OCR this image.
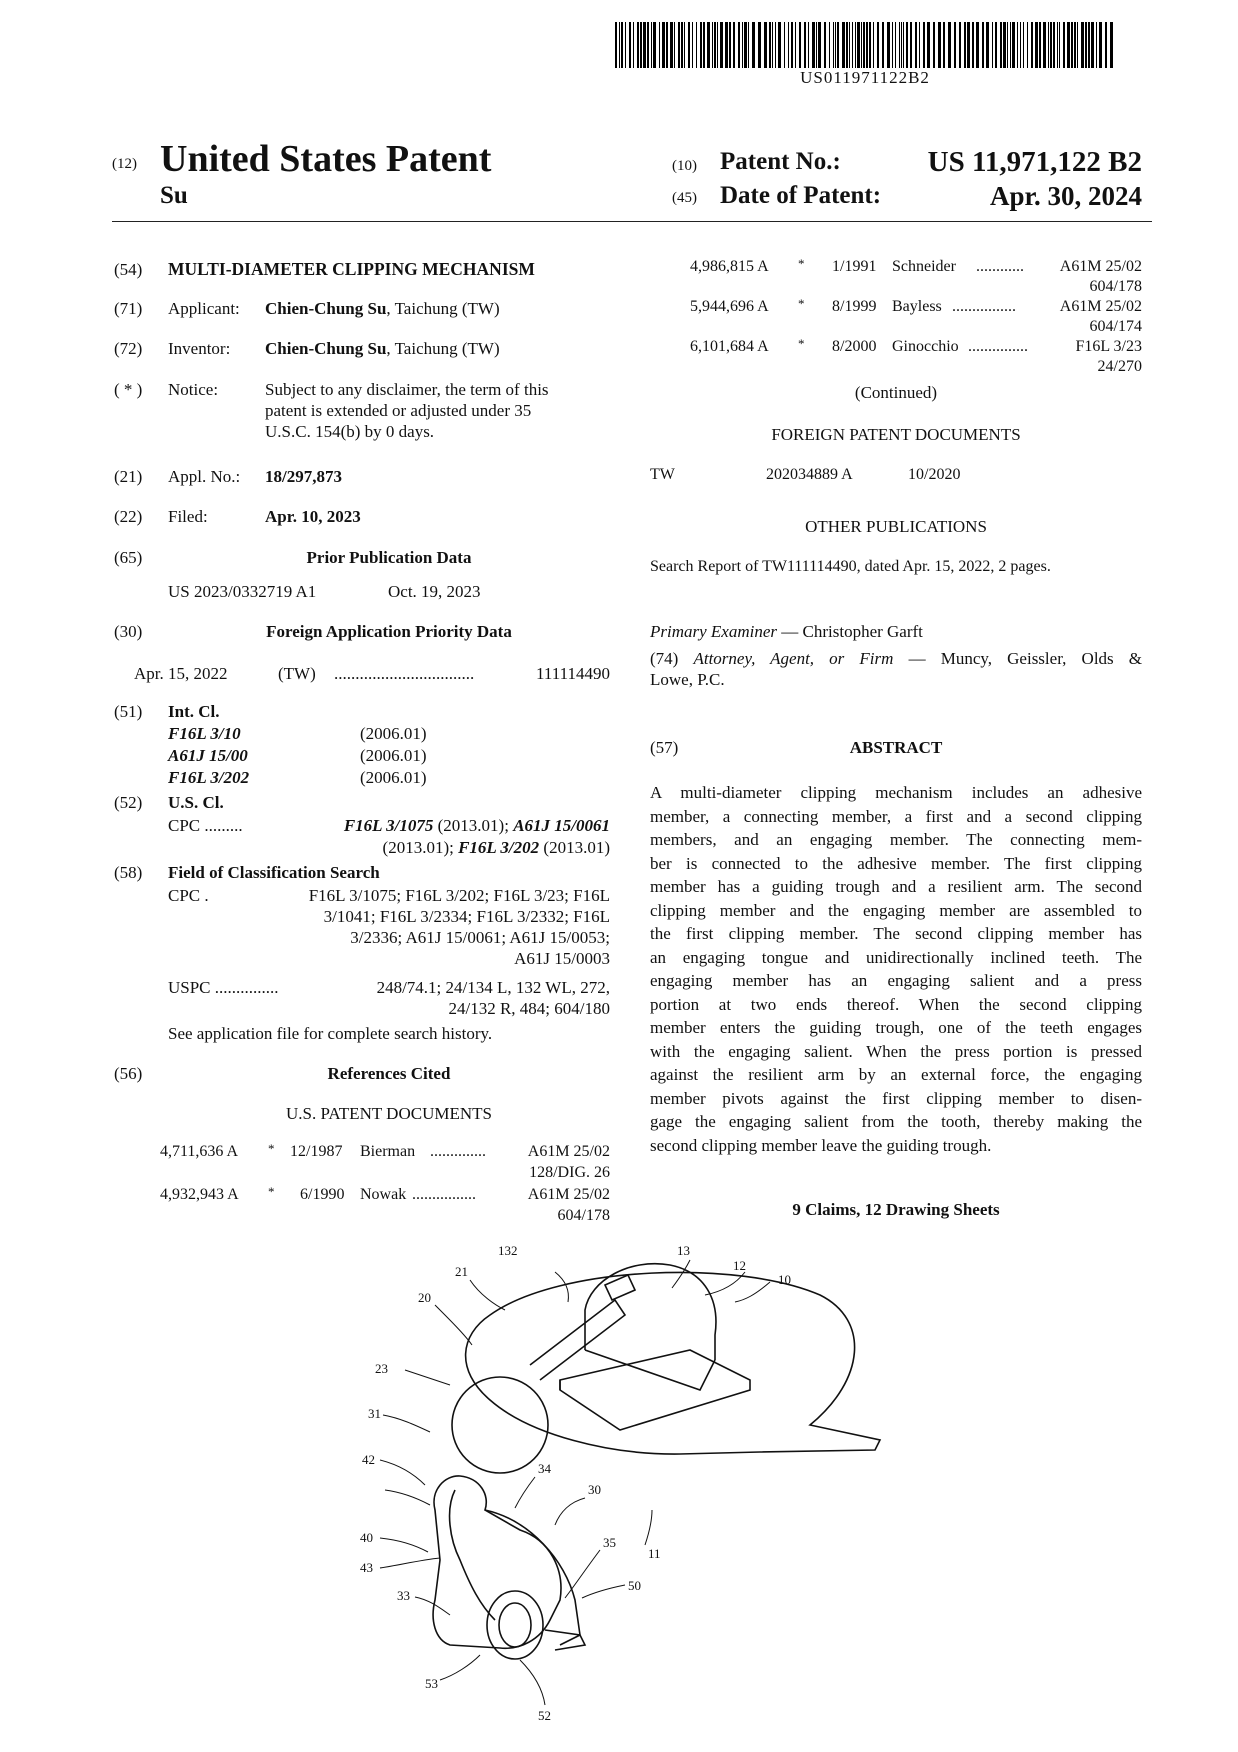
US011971122B2
(12) United States Patent
Su
(10) Patent No.:	US 11,971,122 B2
(45) Date of Patent:	Apr. 30, 2024
(54) MULTI-DIAMETER CLIPPING MECHANISM
(71) Applicant: Chien-Chung Su, Taichung (TW)
(72) Inventor: Chien-Chung Su, Taichung (TW)
( * ) Notice:	Subject to any disclaimer, the term of this
patent is extended or adjusted under 35
U.S.C. 154(b) by 0 days.
(21) Appl. No.: 18/297,873
(22) Filed:	Apr. 10, 2023
(65)	Prior Publication Data
US 2023/0332719 A1	Oct. 19, 2023
(30)	Foreign Application Priority Data
Apr. 15, 2022	(TW) .................................	111114490
(51) Int. Cl.
F16L 3/10	(2006.01)
A61J 15/00	(2006.01)
F16L 3/202	(2006.01)
(52) U.S. Cl.
CPC .........	F16L 3/1075 (2013.01); A61J 15/0061
(2013.01); F16L 3/202 (2013.01)
(58) Field of Classification Search
CPC .	F16L 3/1075; F16L 3/202; F16L 3/23; F16L
3/1041; F16L 3/2334; F16L 3/2332; F16L
3/2336; A61J 15/0061; A61J 15/0053;
A61J 15/0003
USPC ...............	248/74.1; 24/134 L, 132 WL, 272,
24/132 R, 484; 604/180
See application file for complete search history.
(56)	References Cited
U.S. PATENT DOCUMENTS
4,711,636 A * 12/1987 Bierman ..............	A61M 25/02
128/DIG. 26
4,932,943 A * 6/1990 Nowak ................	A61M 25/02
604/178
4,986,815 A * 1/1991 Schneider ............	A61M 25/02
604/178
5,944,696 A * 8/1999 Bayless ................	A61M 25/02
604/174
6,101,684 A * 8/2000 Ginocchio ...............	F16L 3/23
24/270
(Continued)
FOREIGN PATENT DOCUMENTS
TW	202034889 A	10/2020
OTHER PUBLICATIONS
Search Report of TW111114490, dated Apr. 15, 2022, 2 pages.
Primary Examiner — Christopher Garft
(74) Attorney, Agent, or Firm — Muncy, Geissler, Olds &
Lowe, P.C.
(57)	ABSTRACT
A multi-diameter clipping mechanism includes an adhesive
member, a connecting member, a first and a second clipping
members, and an engaging member. The connecting mem-
ber is connected to the adhesive member. The first clipping
member has a guiding trough and a resilient arm. The second
clipping member and the engaging member are assembled to
the first clipping member. The second clipping member has
an engaging tongue and unidirectionally inclined teeth. The
engaging member has an engaging salient and a press
portion at two ends thereof. When the second clipping
member enters the guiding trough, one of the teeth engages
with the engaging salient. When the press portion is pressed
against the resilient arm by an external force, the engaging
member pivots against the first clipping member to disen-
gage the engaging salient from the tooth, thereby making the
second clipping member leave the guiding trough.
9 Claims, 12 Drawing Sheets
132	13
12
10
21
20
23
31
42
34
30
40
11
43
35
50
33
53
52
